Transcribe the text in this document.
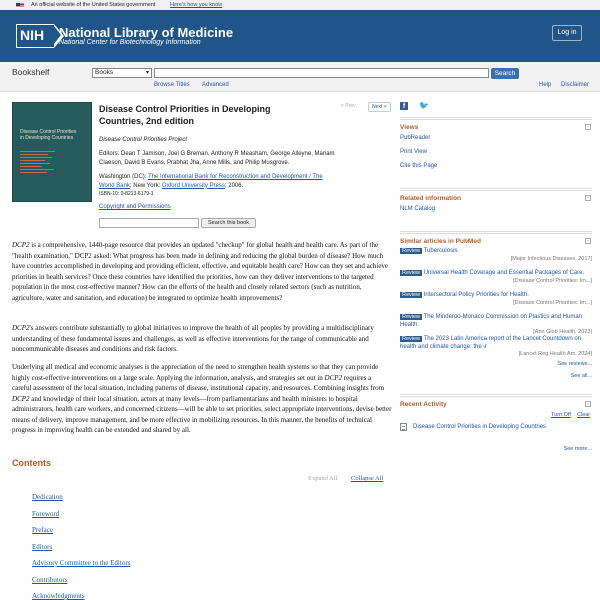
An official website of the United States government	Here's how you know
NIH	National Library of Medicine
National Center for Biotechnology Information
Log in
Bookshelf	Books ▾	Search
Browse Titles Advanced	Help Disclaimer
Disease Control Priorities in Developing Countries
Disease Control Priorities in Developing Countries, 2nd edition
< Prev	Next >
Disease Control Priorities Project
Editors: Dean T Jamison, Joel G Breman, Anthony R Measham, George Alleyne, Mariam Claeson, David B Evans, Prabhat Jha, Anne Mills, and Philip Musgrove.
Washington (DC): The International Bank for Reconstruction and Development / The World Bank; New York: Oxford University Press; 2006.
ISBN-10: 0-8213-6179-1
Copyright and Permissions
Search this book
DCP2 is a comprehensive, 1440-page resource that provides an updated "checkup" for global health and health care. As part of the "health examination," DCP2 asked: What progress has been made in defining and reducing the global burden of disease? How much have countries accomplished in developing and providing efficient, effective, and equitable health care? How can they set and achieve priorities in health services? Once these countries have identified the priorities, how can they deliver interventions to the targeted population in the most cost-effective manner? How can the efforts of the health and closely related sectors (such as nutrition, agriculture, water and sanitation, and education) be integrated to optimize health improvements?
DCP2's answers contribute substantially to global initiatives to improve the health of all peoples by providing a multidisciplinary understanding of these fundamental issues and challenges, as well as effective interventions for the range of communicable and noncommunicable diseases and conditions and risk factors.
Underlying all medical and economic analyses is the appreciation of the need to strengthen health systems so that they can provide highly cost-effective interventions on a large scale. Applying the information, analysis, and strategies set out in DCP2 requires a careful assessment of the local situation, including patterns of disease, institutional capacity, and resources. Combining insights from DCP2 and knowledge of their local situation, actors at many levels—from parliamentarians and health ministers to hospital administrators, health care workers, and concerned citizens—will be able to set priorities, select appropriate interventions, devise better means of delivery, improve management, and be more effective in mobilizing resources. In this manner, the benefits of technical progress in improving health can be extended and shared by all.
Contents
Expand All Collapse All
Dedication
Foreword
Preface
Editors
Advisory Committee to the Editors
Contributors
Acknowledgments
f	🐦
Views	-
PubReader
Print View
Cite this Page
Related information	-
NLM Catalog
Similar articles in PubMed	-
Review Tuberculosis.
[Major Infectious Diseases. 2017]
Review Universal Health Coverage and Essential Packages of Care.
[Disease Control Priorities: Im...]
Review Intersectoral Policy Priorities for Health.
[Disease Control Priorities: Im...]
Review The Minderoo-Monaco Commission on Plastics and Human Health.
[Ann Glob Health. 2023]
Review The 2023 Latin America report of the Lancet Countdown on health and climate change: the ir
[Lancet Reg Health Am. 2024]
See reviews...
See all...
Recent Activity	-
Turn Off Clear
Disease Control Priorities in Developing Countries
See more...
